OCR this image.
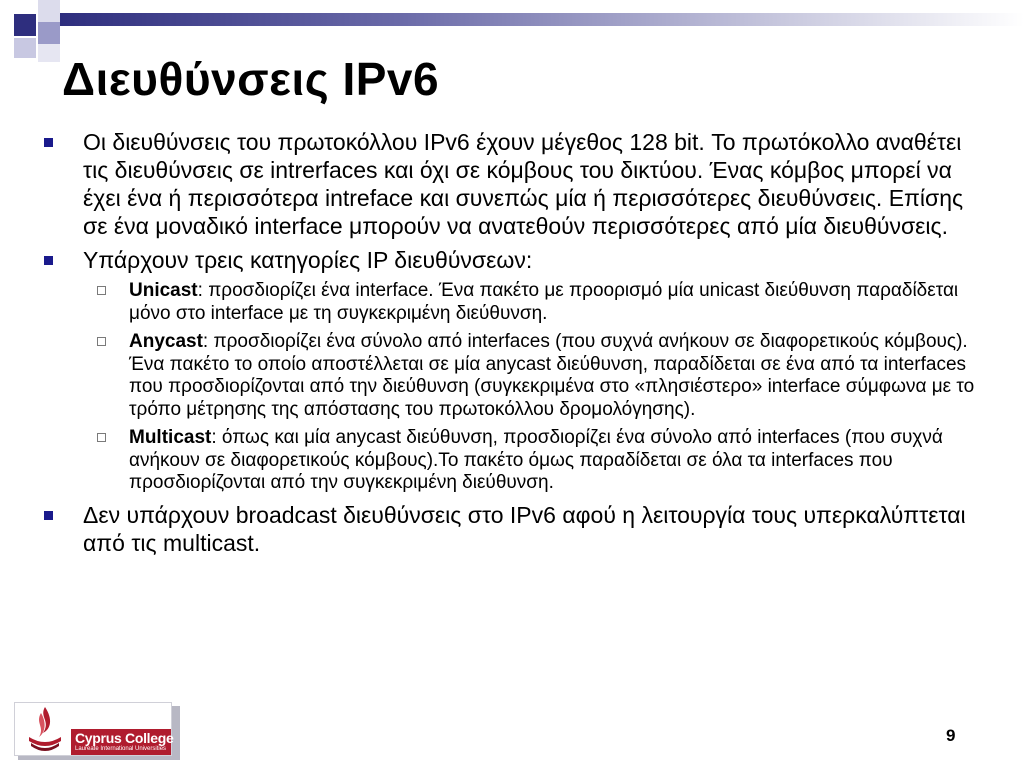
Διευθύνσεις IPv6
Οι διευθύνσεις του πρωτοκόλλου IPv6 έχουν μέγεθος 128 bit. Το πρωτόκολλο αναθέτει τις διευθύνσεις σε intrerfaces και όχι σε κόμβους του δικτύου. Ένας κόμβος μπορεί να έχει ένα ή περισσότερα intreface και συνεπώς μία ή περισσότερες διευθύνσεις. Επίσης σε ένα μοναδικό interface μπορούν να ανατεθούν περισσότερες από μία διευθύνσεις.
Υπάρχουν τρεις κατηγορίες IP διευθύνσεων:
Unicast: προσδιορίζει ένα interface. Ένα πακέτο με προορισμό μία unicast διεύθυνση παραδίδεται μόνο στο interface με τη συγκεκριμένη διεύθυνση.
Anycast: προσδιορίζει ένα σύνολο από interfaces (που συχνά ανήκουν σε διαφορετικούς κόμβους). Ένα πακέτο το οποίο αποστέλλεται σε μία anycast διεύθυνση, παραδίδεται σε ένα από τα interfaces που προσδιορίζονται από την διεύθυνση (συγκεκριμένα στο «πλησιέστερο» interface σύμφωνα με το τρόπο μέτρησης της απόστασης του πρωτοκόλλου δρομολόγησης).
Multicast: όπως και μία anycast διεύθυνση, προσδιορίζει ένα σύνολο από interfaces (που συχνά ανήκουν σε διαφορετικούς κόμβους).Το πακέτο όμως παραδίδεται σε όλα τα interfaces που προσδιορίζονται από την συγκεκριμένη διεύθυνση.
Δεν υπάρχουν broadcast διευθύνσεις στο IPv6 αφού η λειτουργία τους υπερκαλύπτεται από τις multicast.
Cyprus College
Laureate International Universities
9
